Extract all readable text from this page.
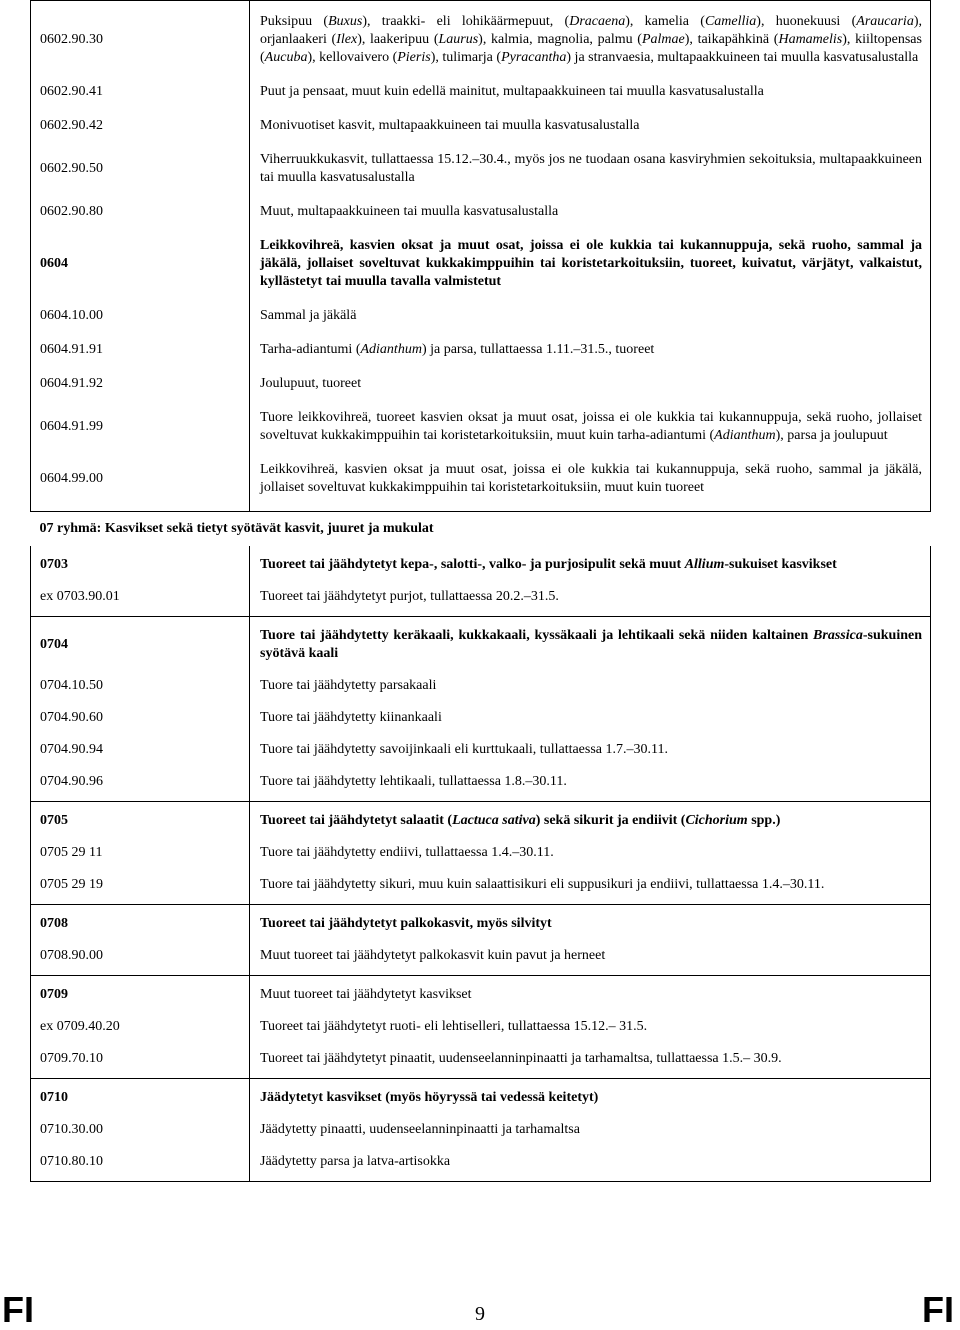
0602.90.30	Puksipuu (Buxus), traakki- eli lohikäärmepuut, (Dracaena), kamelia (Camellia), huonekuusi (Araucaria), orjanlaakeri (Ilex), laakeripuu (Laurus), kalmia, magnolia, palmu (Palmae), taikapähkinä (Hamamelis), kiiltopensas (Aucuba), kellovaivero (Pieris), tulimarja (Pyracantha) ja stranvaesia, multapaakkuineen tai muulla kasvatusalustalla

0602.90.41	Puut ja pensaat, muut kuin edellä mainitut, multapaakkuineen tai muulla kasvatusalustalla

0602.90.42	Monivuotiset kasvit, multapaakkuineen tai muulla kasvatusalustalla

0602.90.50	Viherruukkukasvit, tullattaessa 15.12.–30.4., myös jos ne tuodaan osana kasviryhmien sekoituksia, multapaakkuineen tai muulla kasvatusalustalla

0602.90.80	Muut, multapaakkuineen tai muulla kasvatusalustalla

0604	Leikkovihreä, kasvien oksat ja muut osat, joissa ei ole kukkia tai kukannuppuja, sekä ruoho, sammal ja jäkälä, jollaiset soveltuvat kukkakimppuihin tai koristetarkoituksiin, tuoreet, kuivatut, värjätyt, valkaistut, kyllästetyt tai muulla tavalla valmistetut

0604.10.00	Sammal ja jäkälä

0604.91.91	Tarha-adiantumi (Adianthum) ja parsa, tullattaessa 1.11.–31.5., tuoreet

0604.91.92	Joulupuut, tuoreet

0604.91.99	Tuore leikkovihreä, tuoreet kasvien oksat ja muut osat, joissa ei ole kukkia tai kukannuppuja, sekä ruoho, jollaiset soveltuvat kukkakimppuihin tai koristetarkoituksiin, muut kuin tarha-adiantumi (Adianthum), parsa ja joulupuut

0604.99.00	Leikkovihreä, kasvien oksat ja muut osat, joissa ei ole kukkia tai kukannuppuja, sekä ruoho, sammal ja jäkälä, jollaiset soveltuvat kukkakimppuihin tai koristetarkoituksiin, muut kuin tuoreet

07 ryhmä: Kasvikset sekä tietyt syötävät kasvit, juuret ja mukulat	

0703	Tuoreet tai jäähdytetyt kepa-, salotti-, valko- ja purjosipulit sekä muut Allium-sukuiset kasvikset

ex 0703.90.01	Tuoreet tai jäähdytetyt purjot, tullattaessa 20.2.–31.5.

0704	Tuore tai jäähdytetty keräkaali, kukkakaali, kyssäkaali ja lehtikaali sekä niiden kaltainen Brassica-sukuinen syötävä kaali

0704.10.50	Tuore tai jäähdytetty parsakaali

0704.90.60	Tuore tai jäähdytetty kiinankaali

0704.90.94	Tuore tai jäähdytetty savoijinkaali eli kurttukaali, tullattaessa 1.7.–30.11.

0704.90.96	Tuore tai jäähdytetty lehtikaali, tullattaessa 1.8.–30.11.

0705	Tuoreet tai jäähdytetyt salaatit (Lactuca sativa) sekä sikurit ja endiivit (Cichorium spp.)

0705 29 11	Tuore tai jäähdytetty endiivi, tullattaessa 1.4.–30.11.

0705 29 19	Tuore tai jäähdytetty sikuri, muu kuin salaattisikuri eli suppusikuri ja endiivi, tullattaessa 1.4.–30.11.

0708	Tuoreet tai jäähdytetyt palkokasvit, myös silvityt

0708.90.00	Muut tuoreet tai jäähdytetyt palkokasvit kuin pavut ja herneet

0709	Muut tuoreet tai jäähdytetyt kasvikset

ex 0709.40.20	Tuoreet tai jäähdytetyt ruoti- eli lehtiselleri, tullattaessa 15.12.– 31.5.

0709.70.10	Tuoreet tai jäähdytetyt pinaatit, uudenseelanninpinaatti ja tarhamaltsa, tullattaessa 1.5.– 30.9.

0710	Jäädytetyt kasvikset (myös höyryssä tai vedessä keitetyt)

0710.30.00	Jäädytetty pinaatti, uudenseelanninpinaatti ja tarhamaltsa

0710.80.10	Jäädytetty parsa ja latva-artisokka

FI	9	FI
